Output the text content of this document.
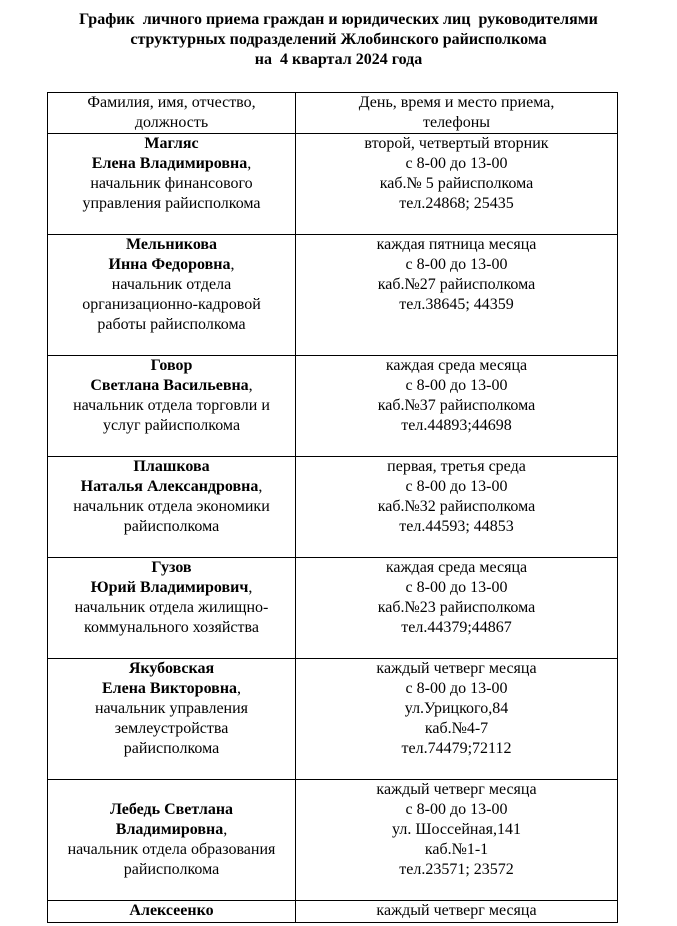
График  личного приема граждан и юридических лиц  руководителями
структурных подразделений Жлобинского райисполкома
на  4 квартал 2024 года
Фамилия, имя, отчество,
должность	День, время и место приема,
телефоны

Магляс
Елена Владимировна,
начальник финансового
управления райисполкома	второй, четвертый вторник
с 8-00 до 13-00
каб.№ 5 райисполкома
тел.24868; 25435

Мельникова
Инна Федоровна,
начальник отдела
организационно-кадровой
работы райисполкома	каждая пятница месяца
с 8-00 до 13-00
каб.№27 райисполкома
тел.38645; 44359

Говор
Светлана Васильевна,
начальник отдела торговли и
услуг райисполкома	каждая среда месяца
с 8-00 до 13-00
каб.№37 райисполкома
тел.44893;44698

Плашкова
Наталья Александровна,
начальник отдела экономики
райисполкома	первая, третья среда
с 8-00 до 13-00
каб.№32 райисполкома
тел.44593; 44853

Гузов
Юрий Владимирович,
начальник отдела жилищно-
коммунального хозяйства	каждая среда месяца
с 8-00 до 13-00
каб.№23 райисполкома
тел.44379;44867

Якубовская
Елена Викторовна,
начальник управления
землеустройства
райисполкома	каждый четверг месяца
с 8-00 до 13-00
ул.Урицкого,84
каб.№4-7
тел.74479;72112

Лебедь Светлана
Владимировна,
начальник отдела образования
райисполкома	каждый четверг месяца
с 8-00 до 13-00
ул. Шоссейная,141
каб.№1-1
тел.23571; 23572

Алексеенко	каждый четверг месяца
